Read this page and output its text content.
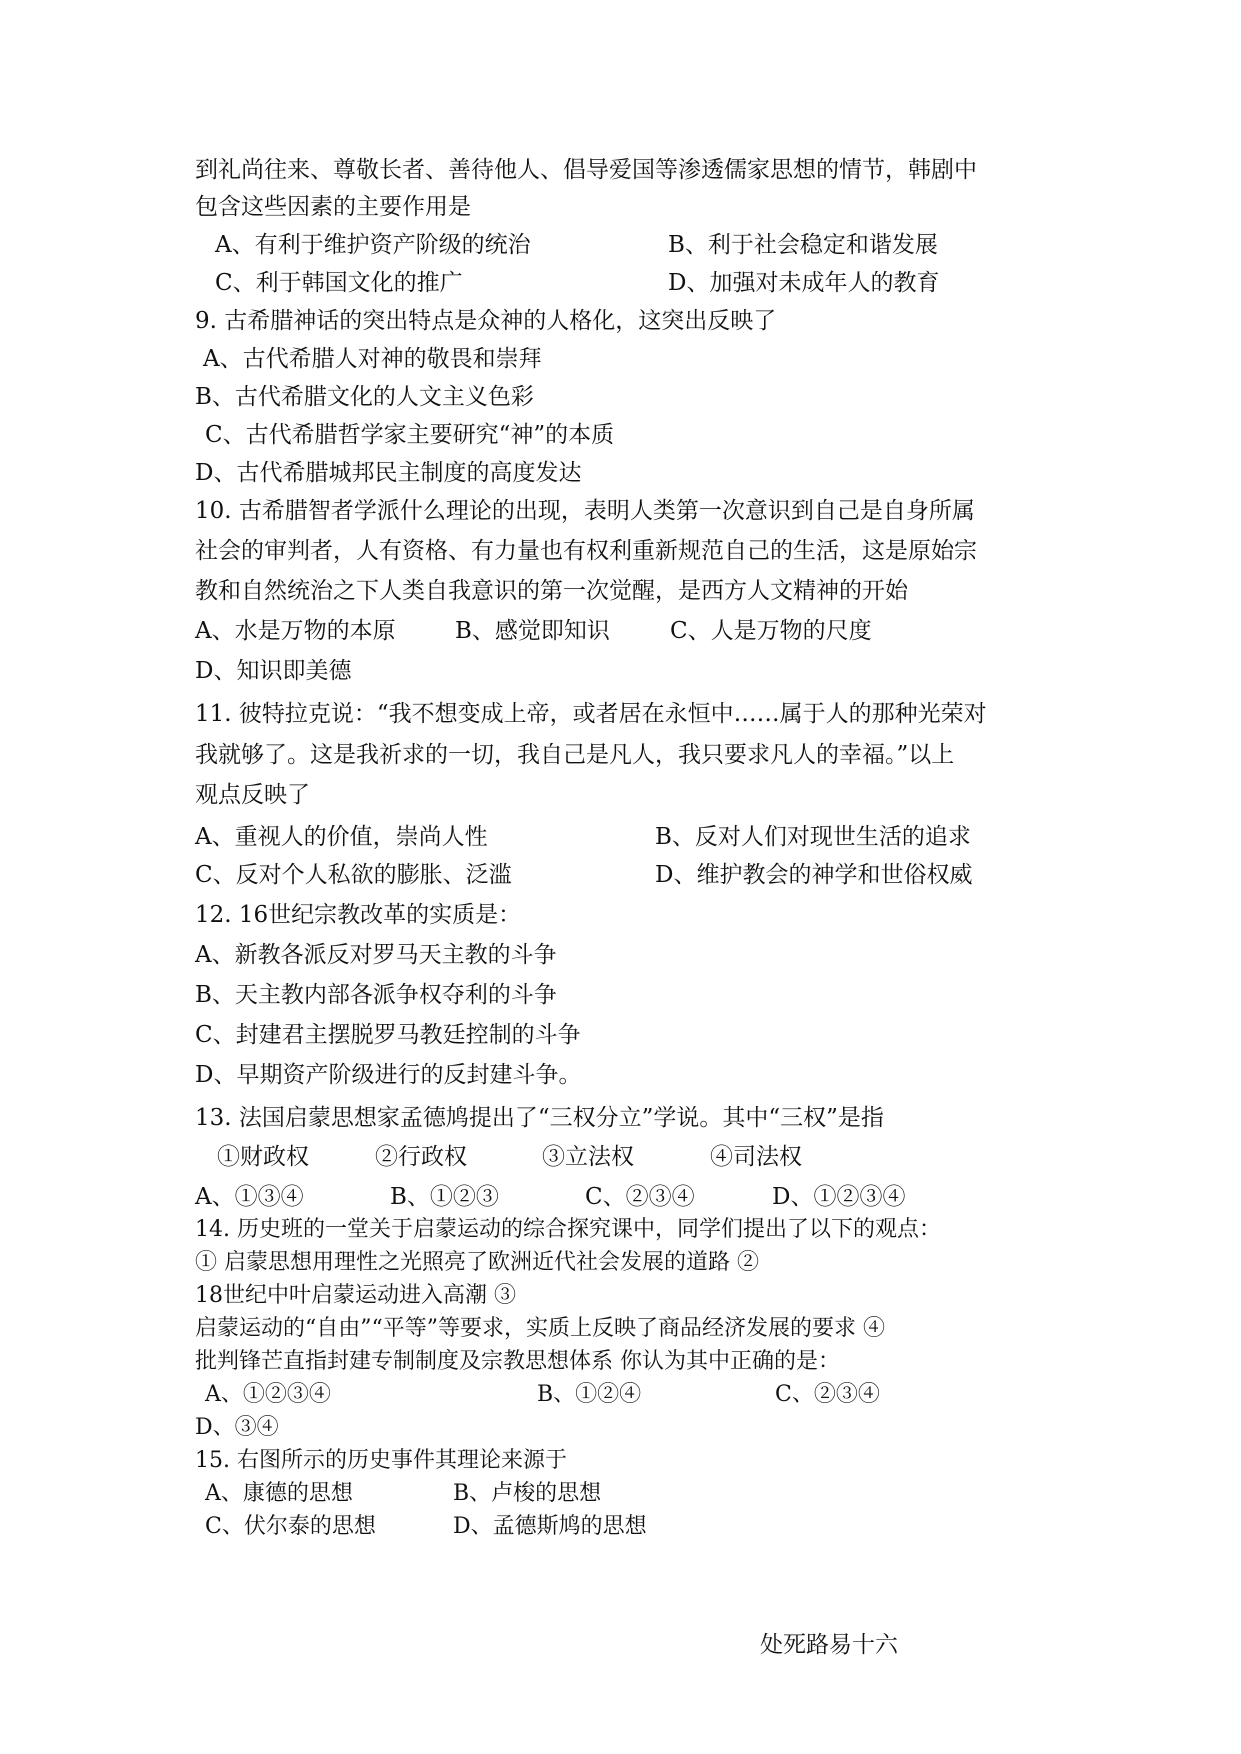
到礼尚往来、尊敬长者、善待他人、倡导爱国等渗透儒家思想的情节，韩剧中
包含这些因素的主要作用是
A、有利于维护资产阶级的统治	B、利于社会稳定和谐发展
C、利于韩国文化的推广	D、加强对未成年人的教育
9. 古希腊神话的突出特点是众神的人格化，这突出反映了
A、古代希腊人对神的敬畏和崇拜
B、古代希腊文化的人文主义色彩
C、古代希腊哲学家主要研究“神”的本质
D、古代希腊城邦民主制度的高度发达
10. 古希腊智者学派什么理论的出现，表明人类第一次意识到自己是自身所属
社会的审判者，人有资格、有力量也有权利重新规范自己的生活，这是原始宗
教和自然统治之下人类自我意识的第一次觉醒，是西方人文精神的开始
A、水是万物的本原	B、感觉即知识	C、人是万物的尺度
D、知识即美德
11. 彼特拉克说：“我不想变成上帝，或者居在永恒中……属于人的那种光荣对
我就够了。这是我祈求的一切，我自己是凡人，我只要求凡人的幸福。”以上
观点反映了
A、重视人的价值，崇尚人性	B、反对人们对现世生活的追求
C、反对个人私欲的膨胀、泛滥	D、维护教会的神学和世俗权威
12. 16世纪宗教改革的实质是：
A、新教各派反对罗马天主教的斗争
B、天主教内部各派争权夺利的斗争
C、封建君主摆脱罗马教廷控制的斗争
D、早期资产阶级进行的反封建斗争。
13. 法国启蒙思想家孟德鸠提出了“三权分立”学说。其中“三权”是指
①财政权	②行政权	③立法权	④司法权
A、①③④	B、①②③	C、②③④	D、①②③④
14. 历史班的一堂关于启蒙运动的综合探究课中，同学们提出了以下的观点：
① 启蒙思想用理性之光照亮了欧洲近代社会发展的道路 ②
18世纪中叶启蒙运动进入高潮 ③
启蒙运动的“自由”“平等”等要求，实质上反映了商品经济发展的要求 ④
批判锋芒直指封建专制制度及宗教思想体系 你认为其中正确的是：
A、①②③④	B、①②④	C、②③④
D、③④
15. 右图所示的历史事件其理论来源于
A、康德的思想	B、卢梭的思想
C、伏尔泰的思想	D、孟德斯鸠的思想
处死路易十六
